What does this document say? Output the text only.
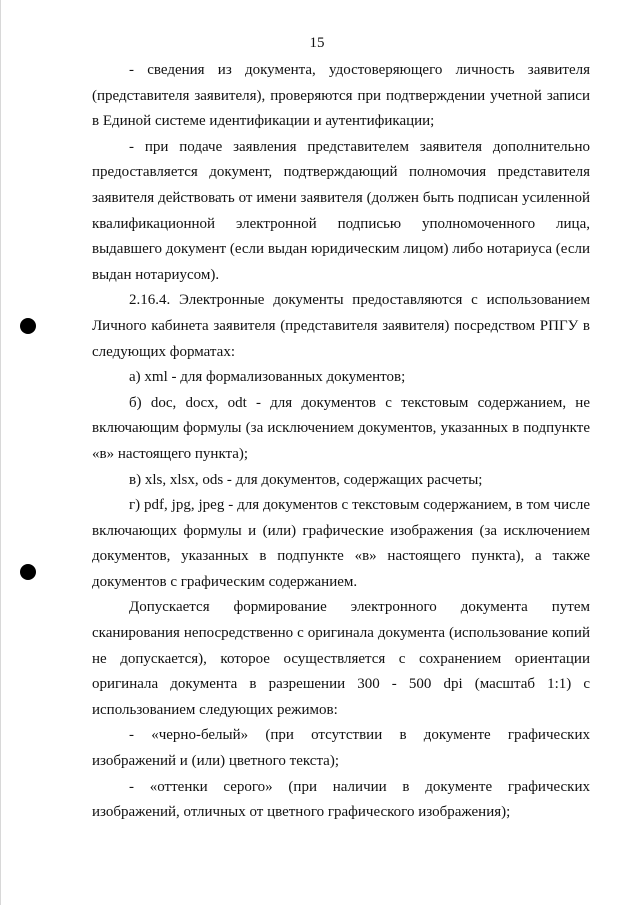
15

- сведения из документа, удостоверяющего личность заявителя (представителя заявителя), проверяются при подтверждении учетной записи в Единой системе идентификации и аутентификации;

- при подаче заявления представителем заявителя дополнительно предоставляется документ, подтверждающий полномочия представителя заявителя действовать от имени заявителя (должен быть подписан усиленной квалификационной электронной подписью уполномоченного лица, выдавшего документ (если выдан юридическим лицом) либо нотариуса (если выдан нотариусом).

2.16.4. Электронные документы предоставляются с использованием Личного кабинета заявителя (представителя заявителя) посредством РПГУ в следующих форматах:

а) xml - для формализованных документов;

б) doc, docx, odt - для документов с текстовым содержанием, не включающим формулы (за исключением документов, указанных в подпункте «в» настоящего пункта);

в) xls, xlsx, ods - для документов, содержащих расчеты;

г) pdf, jpg, jpeg - для документов с текстовым содержанием, в том числе включающих формулы и (или) графические изображения (за исключением документов, указанных в подпункте «в» настоящего пункта), а также документов с графическим содержанием.

Допускается формирование электронного документа путем сканирования непосредственно с оригинала документа (использование копий не допускается), которое осуществляется с сохранением ориентации оригинала документа в разрешении 300 - 500 dpi (масштаб 1:1) с использованием следующих режимов:

- «черно-белый» (при отсутствии в документе графических изображений и (или) цветного текста);

- «оттенки серого» (при наличии в документе графических изображений, отличных от цветного графического изображения);
